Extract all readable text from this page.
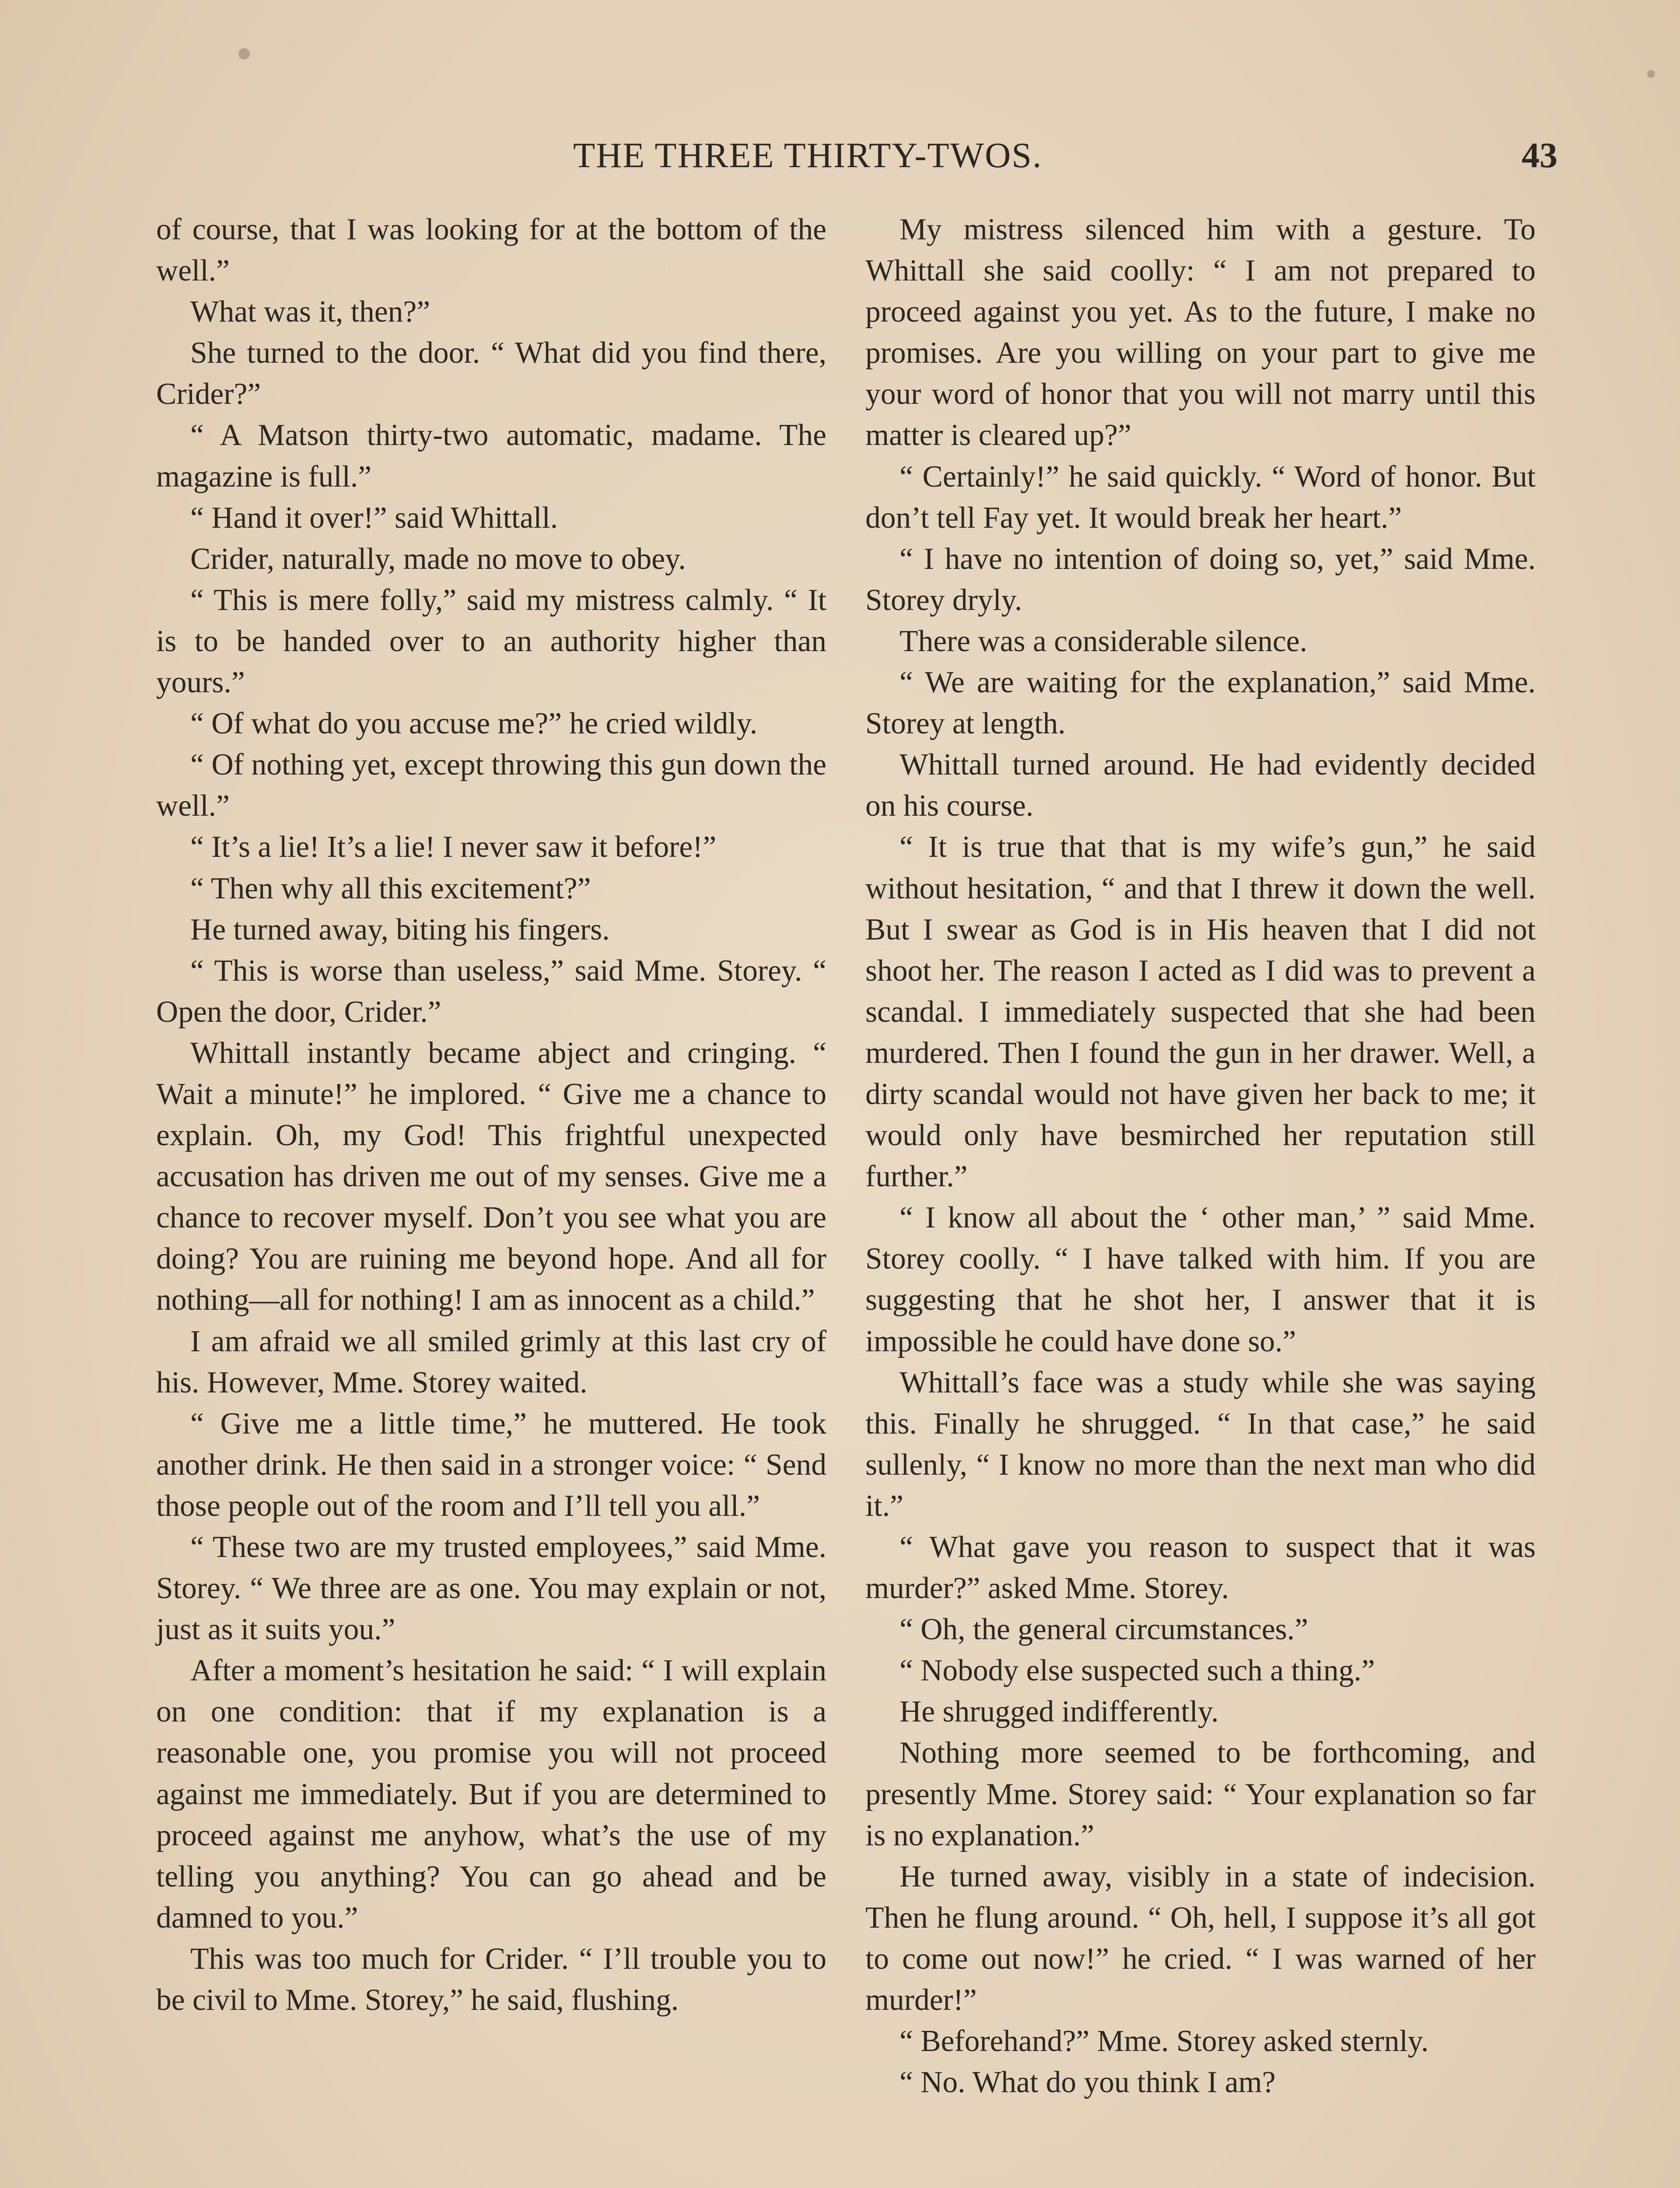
THE THREE THIRTY-TWOS.	43

of course, that I was looking for at the bottom of the well.”

What was it, then?”

She turned to the door. “ What did you find there, Crider?”

“ A Matson thirty-two automatic, madame. The magazine is full.”

“ Hand it over!” said Whittall.

Crider, naturally, made no move to obey.

“ This is mere folly,” said my mistress calmly. “ It is to be handed over to an authority higher than yours.”

“ Of what do you accuse me?” he cried wildly.

“ Of nothing yet, except throwing this gun down the well.”

“ It’s a lie! It’s a lie! I never saw it before!”

“ Then why all this excitement?”

He turned away, biting his fingers.

“ This is worse than useless,” said Mme. Storey. “ Open the door, Crider.”

Whittall instantly became abject and cringing. “ Wait a minute!” he implored. “ Give me a chance to explain. Oh, my God! This frightful unexpected accusation has driven me out of my senses. Give me a chance to recover myself. Don’t you see what you are doing? You are ruining me beyond hope. And all for nothing—all for nothing! I am as innocent as a child.”

I am afraid we all smiled grimly at this last cry of his. However, Mme. Storey waited.

“ Give me a little time,” he muttered. He took another drink. He then said in a stronger voice: “ Send those people out of the room and I’ll tell you all.”

“ These two are my trusted employees,” said Mme. Storey. “ We three are as one. You may explain or not, just as it suits you.”

After a moment’s hesitation he said: “ I will explain on one condition: that if my explanation is a reasonable one, you promise you will not proceed against me immediately. But if you are determined to proceed against me anyhow, what’s the use of my telling you anything? You can go ahead and be damned to you.”

This was too much for Crider. “ I’ll trouble you to be civil to Mme. Storey,” he said, flushing.

My mistress silenced him with a gesture. To Whittall she said coolly: “ I am not prepared to proceed against you yet. As to the future, I make no promises. Are you willing on your part to give me your word of honor that you will not marry until this matter is cleared up?”

“ Certainly!” he said quickly. “ Word of honor. But don’t tell Fay yet. It would break her heart.”

“ I have no intention of doing so, yet,” said Mme. Storey dryly.

There was a considerable silence.

“ We are waiting for the explanation,” said Mme. Storey at length.

Whittall turned around. He had evidently decided on his course.

“ It is true that that is my wife’s gun,” he said without hesitation, “ and that I threw it down the well. But I swear as God is in His heaven that I did not shoot her. The reason I acted as I did was to prevent a scandal. I immediately suspected that she had been murdered. Then I found the gun in her drawer. Well, a dirty scandal would not have given her back to me; it would only have besmirched her reputation still further.”

“ I know all about the ‘ other man,’ ” said Mme. Storey coolly. “ I have talked with him. If you are suggesting that he shot her, I answer that it is impossible he could have done so.”

Whittall’s face was a study while she was saying this. Finally he shrugged. “ In that case,” he said sullenly, “ I know no more than the next man who did it.”

“ What gave you reason to suspect that it was murder?” asked Mme. Storey.

“ Oh, the general circumstances.”

“ Nobody else suspected such a thing.”

He shrugged indifferently.

Nothing more seemed to be forthcoming, and presently Mme. Storey said: “ Your explanation so far is no explanation.”

He turned away, visibly in a state of indecision. Then he flung around. “ Oh, hell, I suppose it’s all got to come out now!” he cried. “ I was warned of her murder!”

“ Beforehand?” Mme. Storey asked sternly.

“ No. What do you think I am?
